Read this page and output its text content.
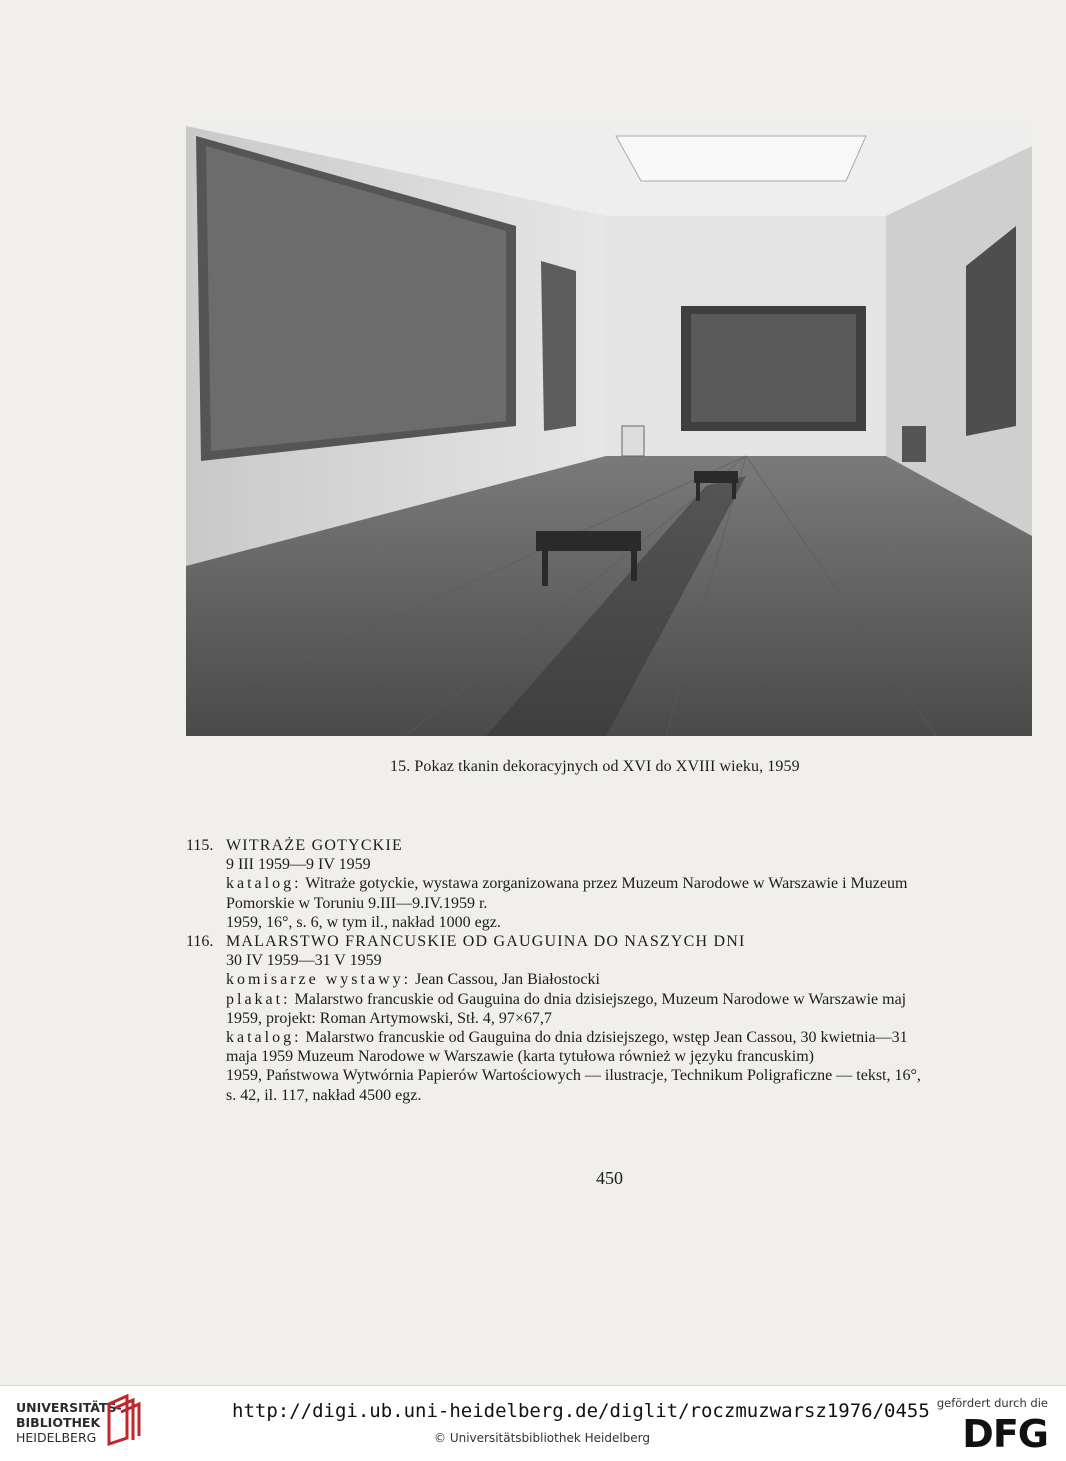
15. Pokaz tkanin dekoracyjnych od XVI do XVIII wieku, 1959
115. WITRAŻE GOTYCKIE
9 III 1959—9 IV 1959
katalog: Witraże gotyckie, wystawa zorganizowana przez Muzeum Narodowe w Warszawie i Muzeum
Pomorskie w Toruniu 9.III—9.IV.1959 r.
1959, 16°, s. 6, w tym il., nakład 1000 egz.
116. MALARSTWO FRANCUSKIE OD GAUGUINA DO NASZYCH DNI
30 IV 1959—31 V 1959
komisarze wystawy: Jean Cassou, Jan Białostocki
plakat: Malarstwo francuskie od Gauguina do dnia dzisiejszego, Muzeum Narodowe w Warszawie maj
1959, projekt: Roman Artymowski, Stł. 4, 97×67,7
katalog: Malarstwo francuskie od Gauguina do dnia dzisiejszego, wstęp Jean Cassou, 30 kwietnia—31
maja 1959 Muzeum Narodowe w Warszawie (karta tytułowa również w języku francuskim)
1959, Państwowa Wytwórnia Papierów Wartościowych — ilustracje, Technikum Poligraficzne — tekst, 16°,
s. 42, il. 117, nakład 4500 egz.
450
UNIVERSITÄTS-
BIBLIOTHEK
HEIDELBERG
http://digi.ub.uni-heidelberg.de/diglit/roczmuzwarsz1976/0455
© Universitätsbibliothek Heidelberg
gefördert durch die
DFG
